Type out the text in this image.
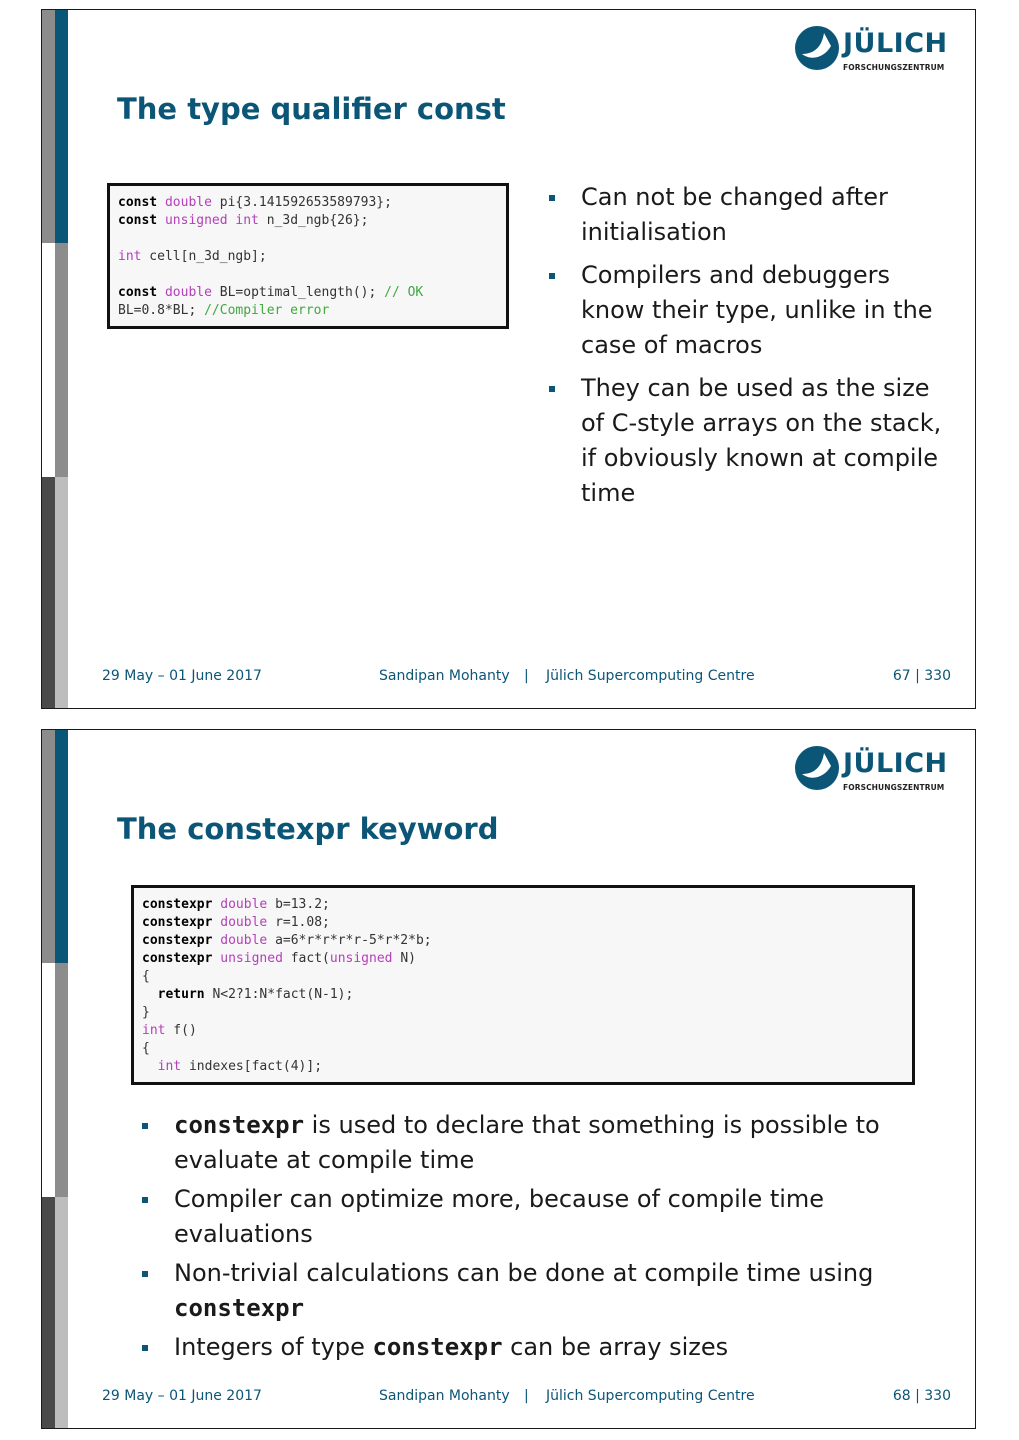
JÜLICH
FORSCHUNGSZENTRUM
The type qualifier const
const double pi{3.141592653589793};
const unsigned int n_3d_ngb{26};

int cell[n_3d_ngb];

const double BL=optimal_length(); // OK
BL=0.8*BL; //Compiler error
Can not be changed after initialisation
Compilers and debuggers know their type, unlike in the case of macros
They can be used as the size of C-style arrays on the stack, if obviously known at compile time
29 May – 01 June 2017	Sandipan Mohanty | Jülich Supercomputing Centre	67 | 330
JÜLICH
FORSCHUNGSZENTRUM
The constexpr keyword
constexpr double b=13.2;
constexpr double r=1.08;
constexpr double a=6*r*r*r*r-5*r*2*b;
constexpr unsigned fact(unsigned N)
{
return N<2?1:N*fact(N-1);
}
int f()
{
int indexes[fact(4)];
constexpr is used to declare that something is possible to evaluate at compile time
Compiler can optimize more, because of compile time evaluations
Non-trivial calculations can be done at compile time using constexpr
Integers of type constexpr can be array sizes
29 May – 01 June 2017	Sandipan Mohanty | Jülich Supercomputing Centre	68 | 330
